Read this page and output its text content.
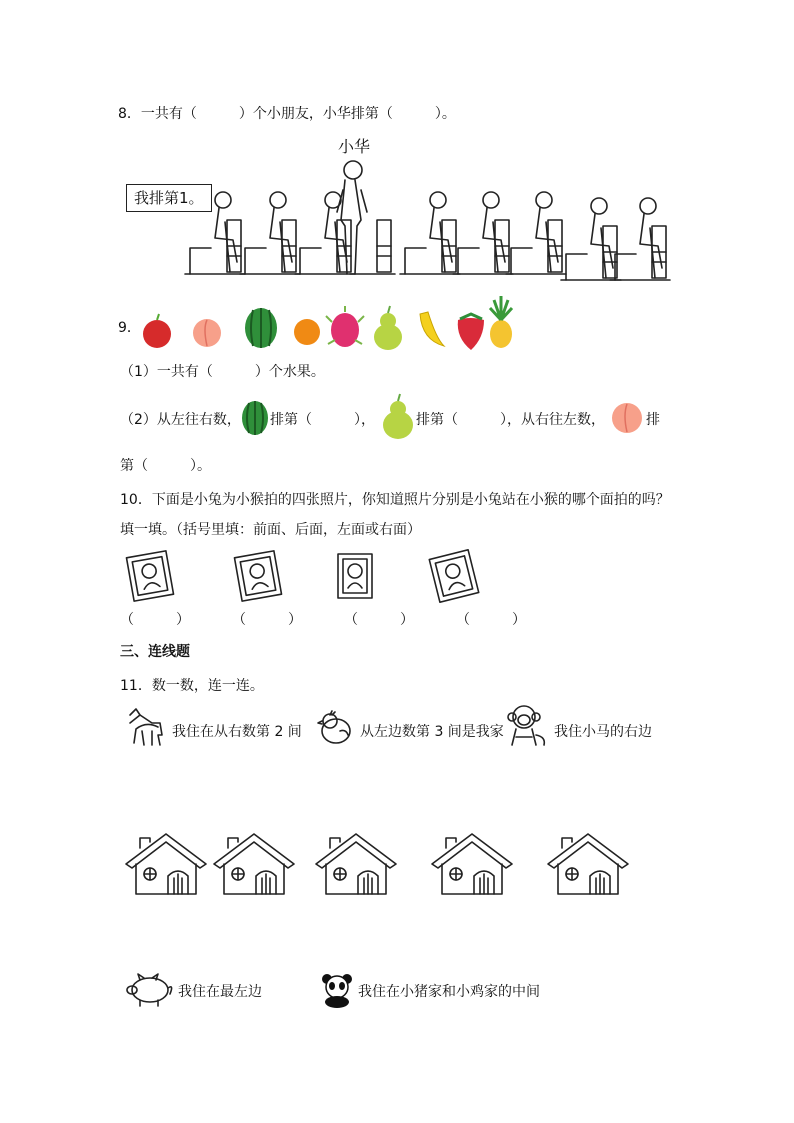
8．一共有（　　　）个小朋友，小华排第（　　　）。
小华
我排第1。
9．
（1）一共有（　　　）个水果。
（2）从左往右数， 排第（　　　），	排第（　　　），从右往左数，	排
第（　　　）。
10．下面是小兔为小猴拍的四张照片，你知道照片分别是小兔站在小猴的哪个面拍的吗？
填一填。（括号里填：前面、后面，左面或右面）
（　　　）	（　　　）	（　　　）	（　　　）
三、连线题
11．数一数，连一连。
我住在从右数第 2 间	从左边数第 3 间是我家	我住小马的右边
我住在最左边	我住在小猪家和小鸡家的中间
